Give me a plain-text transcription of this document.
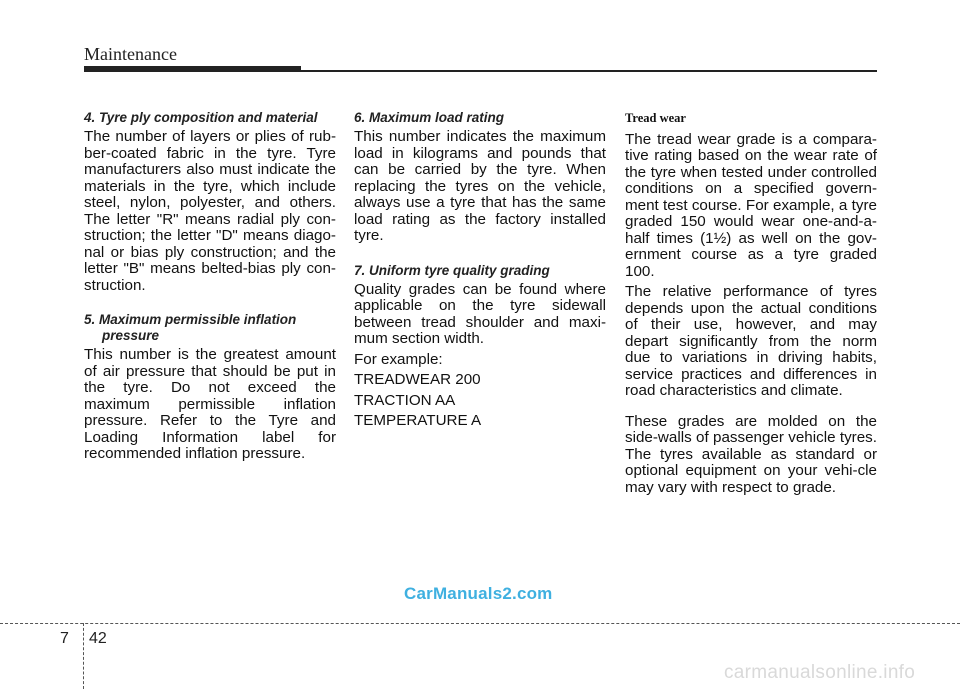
Maintenance

4. Tyre ply composition and material

The number of layers or plies of rub-ber-coated fabric in the tyre. Tyre manufacturers also must indicate the materials in the tyre, which include steel, nylon, polyester, and others. The letter "R" means radial ply con-struction; the letter "D" means diago-nal or bias ply construction; and the letter "B" means belted-bias ply con-struction.

5. Maximum permissible inflation pressure

This number is the greatest amount of air pressure that should be put in the tyre. Do not exceed the maximum permissible inflation pressure. Refer to the Tyre and Loading Information label for recommended inflation pressure.

6. Maximum load rating

This number indicates the maximum load in kilograms and pounds that can be carried by the tyre. When replacing the tyres on the vehicle, always use a tyre that has the same load rating as the factory installed tyre.

7. Uniform tyre quality grading

Quality grades can be found where applicable on the tyre sidewall between tread shoulder and maxi-mum section width.

For example:

TREADWEAR 200

TRACTION AA

TEMPERATURE A

Tread wear

The tread wear grade is a compara-tive rating based on the wear rate of the tyre when tested under controlled conditions on a specified govern-ment test course. For example, a tyre graded 150 would wear one-and-a-half times (1½) as well on the gov-ernment course as a tyre graded 100.

The relative performance of tyres depends upon the actual conditions of their use, however, and may depart significantly from the norm due to variations in driving habits, service practices and differences in road characteristics and climate.

These grades are molded on the side-walls of passenger vehicle tyres. The tyres available as standard or optional equipment on your vehi-cle may vary with respect to grade.

CarManuals2.com
7 42
carmanualsonline.info
